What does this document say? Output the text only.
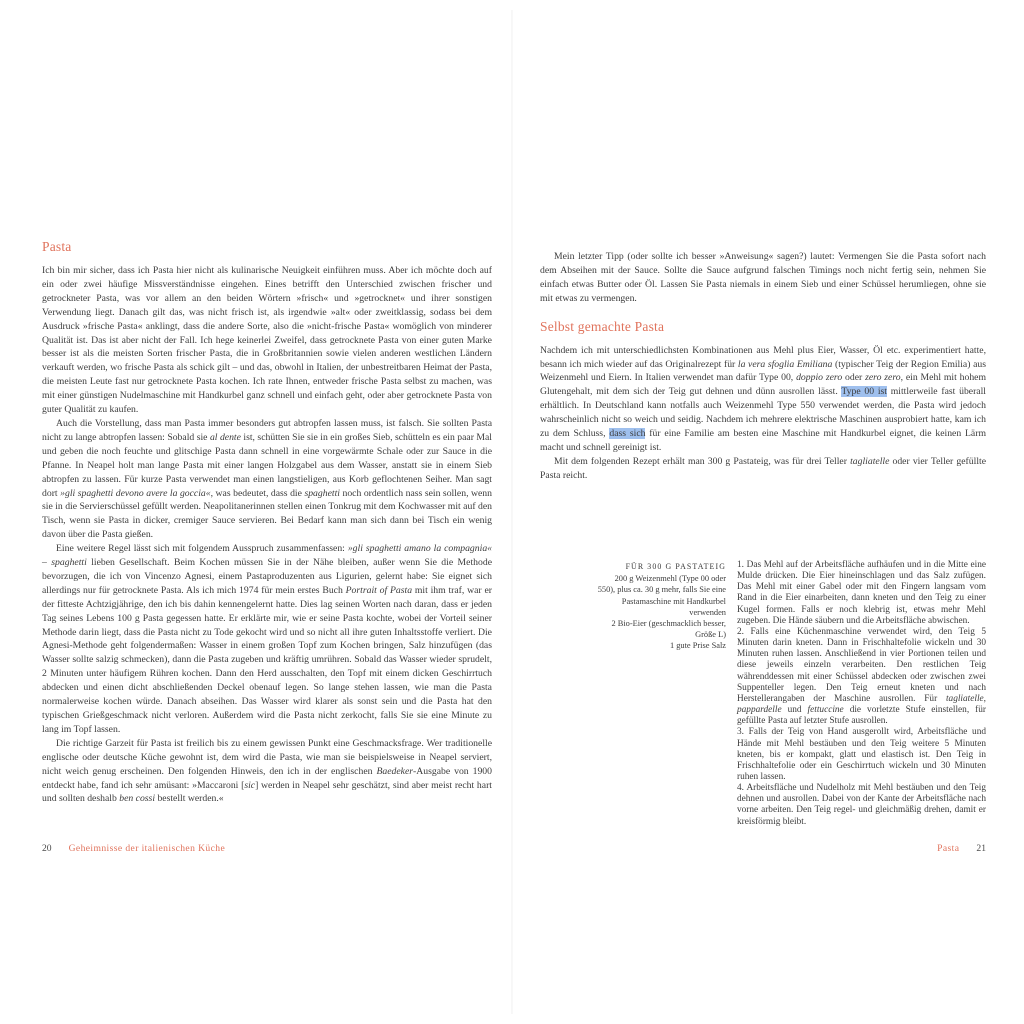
Pasta

Ich bin mir sicher, dass ich Pasta hier nicht als kulinarische Neuigkeit einführen muss. Aber ich möchte doch auf ein oder zwei häufige Missverständnisse eingehen. Eines betrifft den Unterschied zwischen frischer und getrockneter Pasta, was vor allem an den beiden Wörtern »frisch« und »getrocknet« und ihrer sonstigen Verwendung liegt. Danach gilt das, was nicht frisch ist, als irgendwie »alt« oder zweitklassig, sodass bei dem Ausdruck »frische Pasta« anklingt, dass die andere Sorte, also die »nicht-frische Pasta« womöglich von minderer Qualität ist. Das ist aber nicht der Fall. Ich hege keinerlei Zweifel, dass getrocknete Pasta von einer guten Marke besser ist als die meisten Sorten frischer Pasta, die in Großbritannien sowie vielen anderen westlichen Ländern verkauft werden, wo frische Pasta als schick gilt – und das, obwohl in Italien, der unbestreitbaren Heimat der Pasta, die meisten Leute fast nur getrocknete Pasta kochen. Ich rate Ihnen, entweder frische Pasta selbst zu machen, was mit einer günstigen Nudelmaschine mit Handkurbel ganz schnell und einfach geht, oder aber getrocknete Pasta von guter Qualität zu kaufen.

Auch die Vorstellung, dass man Pasta immer besonders gut abtropfen lassen muss, ist falsch. Sie sollten Pasta nicht zu lange abtropfen lassen: Sobald sie al dente ist, schütten Sie sie in ein großes Sieb, schütteln es ein paar Mal und geben die noch feuchte und glitschige Pasta dann schnell in eine vorgewärmte Schale oder zur Sauce in die Pfanne. In Neapel holt man lange Pasta mit einer langen Holzgabel aus dem Wasser, anstatt sie in einem Sieb abtropfen zu lassen. Für kurze Pasta verwendet man einen langstieligen, aus Korb geflochtenen Seiher. Man sagt dort »gli spaghetti devono avere la goccia«, was bedeutet, dass die spaghetti noch ordentlich nass sein sollen, wenn sie in die Servierschüssel gefüllt werden. Neapolitanerinnen stellen einen Tonkrug mit dem Kochwasser mit auf den Tisch, wenn sie Pasta in dicker, cremiger Sauce servieren. Bei Bedarf kann man sich dann bei Tisch ein wenig davon über die Pasta gießen.

Eine weitere Regel lässt sich mit folgendem Ausspruch zusammenfassen: »gli spaghetti amano la compagnia« – spaghetti lieben Gesellschaft. Beim Kochen müssen Sie in der Nähe bleiben, außer wenn Sie die Methode bevorzugen, die ich von Vincenzo Agnesi, einem Pastaproduzenten aus Ligurien, gelernt habe: Sie eignet sich allerdings nur für getrocknete Pasta. Als ich mich 1974 für mein erstes Buch Portrait of Pasta mit ihm traf, war er der fitteste Achtzigjährige, den ich bis dahin kennengelernt hatte. Dies lag seinen Worten nach daran, dass er jeden Tag seines Lebens 100 g Pasta gegessen hatte. Er erklärte mir, wie er seine Pasta kochte, wobei der Vorteil seiner Methode darin liegt, dass die Pasta nicht zu Tode gekocht wird und so nicht all ihre guten Inhaltsstoffe verliert. Die Agnesi-Methode geht folgendermaßen: Wasser in einem großen Topf zum Kochen bringen, Salz hinzufügen (das Wasser sollte salzig schmecken), dann die Pasta zugeben und kräftig umrühren. Sobald das Wasser wieder sprudelt, 2 Minuten unter häufigem Rühren kochen. Dann den Herd ausschalten, den Topf mit einem dicken Geschirrtuch abdecken und einen dicht abschließenden Deckel obenauf legen. So lange stehen lassen, wie man die Pasta normalerweise kochen würde. Danach abseihen. Das Wasser wird klarer als sonst sein und die Pasta hat den typischen Grießgeschmack nicht verloren. Außerdem wird die Pasta nicht zerkocht, falls Sie sie eine Minute zu lang im Topf lassen.

Die richtige Garzeit für Pasta ist freilich bis zu einem gewissen Punkt eine Geschmacksfrage. Wer traditionelle englische oder deutsche Küche gewohnt ist, dem wird die Pasta, wie man sie beispielsweise in Neapel serviert, nicht weich genug erscheinen. Den folgenden Hinweis, den ich in der englischen Baedeker-Ausgabe von 1900 entdeckt habe, fand ich sehr amüsant: »Maccaroni [sic] werden in Neapel sehr geschätzt, sind aber meist recht hart und sollten deshalb ben cossi bestellt werden.«

20 Geheimnisse der italienischen Küche

Mein letzter Tipp (oder sollte ich besser »Anweisung« sagen?) lautet: Vermengen Sie die Pasta sofort nach dem Abseihen mit der Sauce. Sollte die Sauce aufgrund falschen Timings noch nicht fertig sein, nehmen Sie einfach etwas Butter oder Öl. Lassen Sie Pasta niemals in einem Sieb und einer Schüssel herumliegen, ohne sie mit etwas zu vermengen.

Selbst gemachte Pasta

Nachdem ich mit unterschiedlichsten Kombinationen aus Mehl plus Eier, Wasser, Öl etc. experimentiert hatte, besann ich mich wieder auf das Originalrezept für la vera sfoglia Emiliana (typischer Teig der Region Emilia) aus Weizenmehl und Eiern. In Italien verwendet man dafür Type 00, doppio zero oder zero zero, ein Mehl mit hohem Glutengehalt, mit dem sich der Teig gut dehnen und dünn ausrollen lässt. Type 00 ist mittlerweile fast überall erhältlich. In Deutschland kann notfalls auch Weizenmehl Type 550 verwendet werden, die Pasta wird jedoch wahrscheinlich nicht so weich und seidig. Nachdem ich mehrere elektrische Maschinen ausprobiert hatte, kam ich zu dem Schluss, dass sich für eine Familie am besten eine Maschine mit Handkurbel eignet, die keinen Lärm macht und schnell gereinigt ist.

Mit dem folgenden Rezept erhält man 300 g Pastateig, was für drei Teller tagliatelle oder vier Teller gefüllte Pasta reicht.

FÜR 300 G PASTATEIG

200 g Weizenmehl (Type 00 oder 550), plus ca. 30 g mehr, falls Sie eine Pastamaschine mit Handkurbel verwenden

2 Bio-Eier (geschmacklich besser, Größe L)

1 gute Prise Salz

1. Das Mehl auf der Arbeitsfläche aufhäufen und in die Mitte eine Mulde drücken. Die Eier hineinschlagen und das Salz zufügen. Das Mehl mit einer Gabel oder mit den Fingern langsam vom Rand in die Eier einarbeiten, dann kneten und den Teig zu einer Kugel formen. Falls er noch klebrig ist, etwas mehr Mehl zugeben. Die Hände säubern und die Arbeitsfläche abwischen.

2. Falls eine Küchenmaschine verwendet wird, den Teig 5 Minuten darin kneten. Dann in Frischhaltefolie wickeln und 30 Minuten ruhen lassen. Anschließend in vier Portionen teilen und diese jeweils einzeln verarbeiten. Den restlichen Teig währenddessen mit einer Schüssel abdecken oder zwischen zwei Suppenteller legen. Den Teig erneut kneten und nach Herstellerangaben der Maschine ausrollen. Für tagliatelle, pappardelle und fettuccine die vorletzte Stufe einstellen, für gefüllte Pasta auf letzter Stufe ausrollen.

3. Falls der Teig von Hand ausgerollt wird, Arbeitsfläche und Hände mit Mehl bestäuben und den Teig weitere 5 Minuten kneten, bis er kompakt, glatt und elastisch ist. Den Teig in Frischhaltefolie oder ein Geschirrtuch wickeln und 30 Minuten ruhen lassen.

4. Arbeitsfläche und Nudelholz mit Mehl bestäuben und den Teig dehnen und ausrollen. Dabei von der Kante der Arbeitsfläche nach vorne arbeiten. Den Teig regel- und gleichmäßig drehen, damit er kreisförmig bleibt.

Pasta 21
